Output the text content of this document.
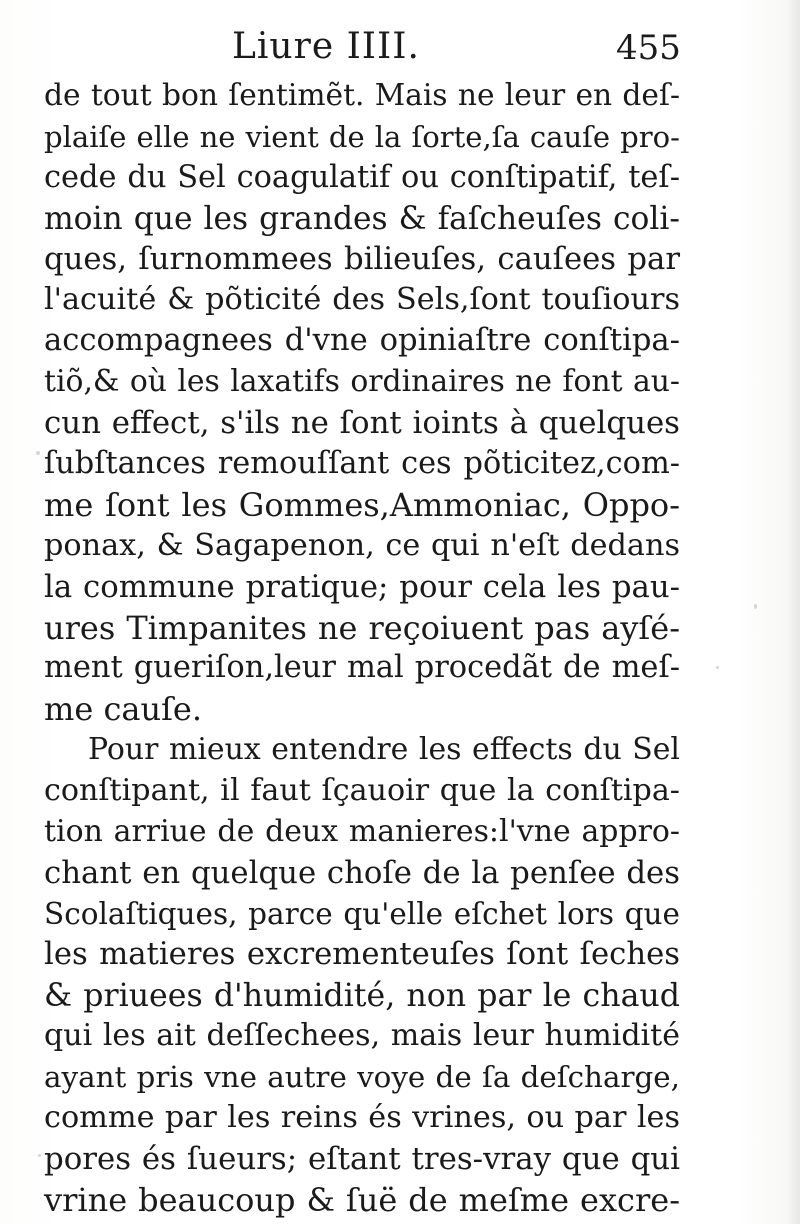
Liure IIII.	455
de tout bon ſentimẽt. Mais ne leur en deſ-
plaiſe elle ne vient de la ſorte,ſa cauſe pro-
cede du Sel coagulatif ou conſtipatif, teſ-
moin que les grandes & faſcheuſes coli-
ques, ſurnommees bilieuſes, cauſees par
l'acuité & põticité des Sels,ſont touſiours
accompagnees d'vne opiniaſtre conſtipa-
tiõ,& où les laxatifs ordinaires ne font au-
cun effect, s'ils ne ſont ioints à quelques
ſubſtances remouſſant ces põticitez,com-
me ſont les Gommes,Ammoniac, Oppo-
ponax, & Sagapenon, ce qui n'eſt dedans
la commune pratique; pour cela les pau-
ures Timpanites ne reçoiuent pas ayſé-
ment gueriſon,leur mal procedãt de meſ-
me cauſe.
Pour mieux entendre les effects du Sel
conſtipant, il faut ſçauoir que la conſtipa-
tion arriue de deux manieres:l'vne appro-
chant en quelque choſe de la penſee des
Scolaſtiques, parce qu'elle eſchet lors que
les matieres excrementeuſes ſont ſeches
& priuees d'humidité, non par le chaud
qui les ait deſſechees, mais leur humidité
ayant pris vne autre voye de ſa deſcharge,
comme par les reins és vrines, ou par les
pores és ſueurs; eſtant tres-vray que qui
vrine beaucoup & ſuë de meſme excre-
